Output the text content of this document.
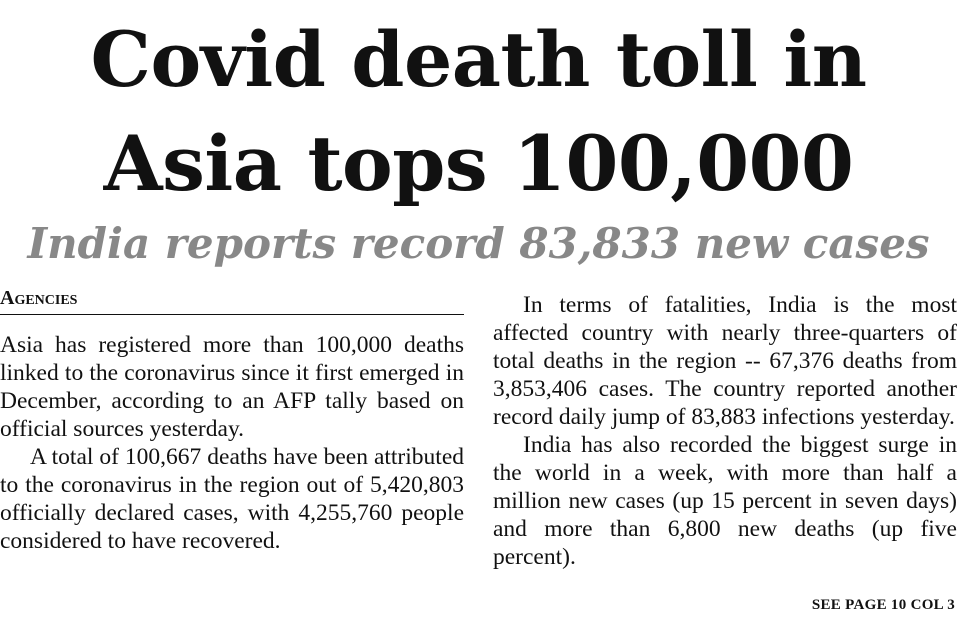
Covid death toll in
Asia tops 100,000
India reports record 83,833 new cases
Agencies

Asia has registered more than 100,000 deaths linked to the coronavirus since it first emerged in December, according to an AFP tally based on official sources yesterday.

A total of 100,667 deaths have been attributed to the coronavirus in the region out of 5,420,803 officially declared cases, with 4,255,760 people considered to have recovered.

In terms of fatalities, India is the most affected country with nearly three-quarters of total deaths in the region -- 67,376 deaths from 3,853,406 cases. The country reported another record daily jump of 83,883 infections yesterday.

India has also recorded the biggest surge in the world in a week, with more than half a million new cases (up 15 percent in seven days) and more than 6,800 new deaths (up five percent).

SEE PAGE 10 COL 3
